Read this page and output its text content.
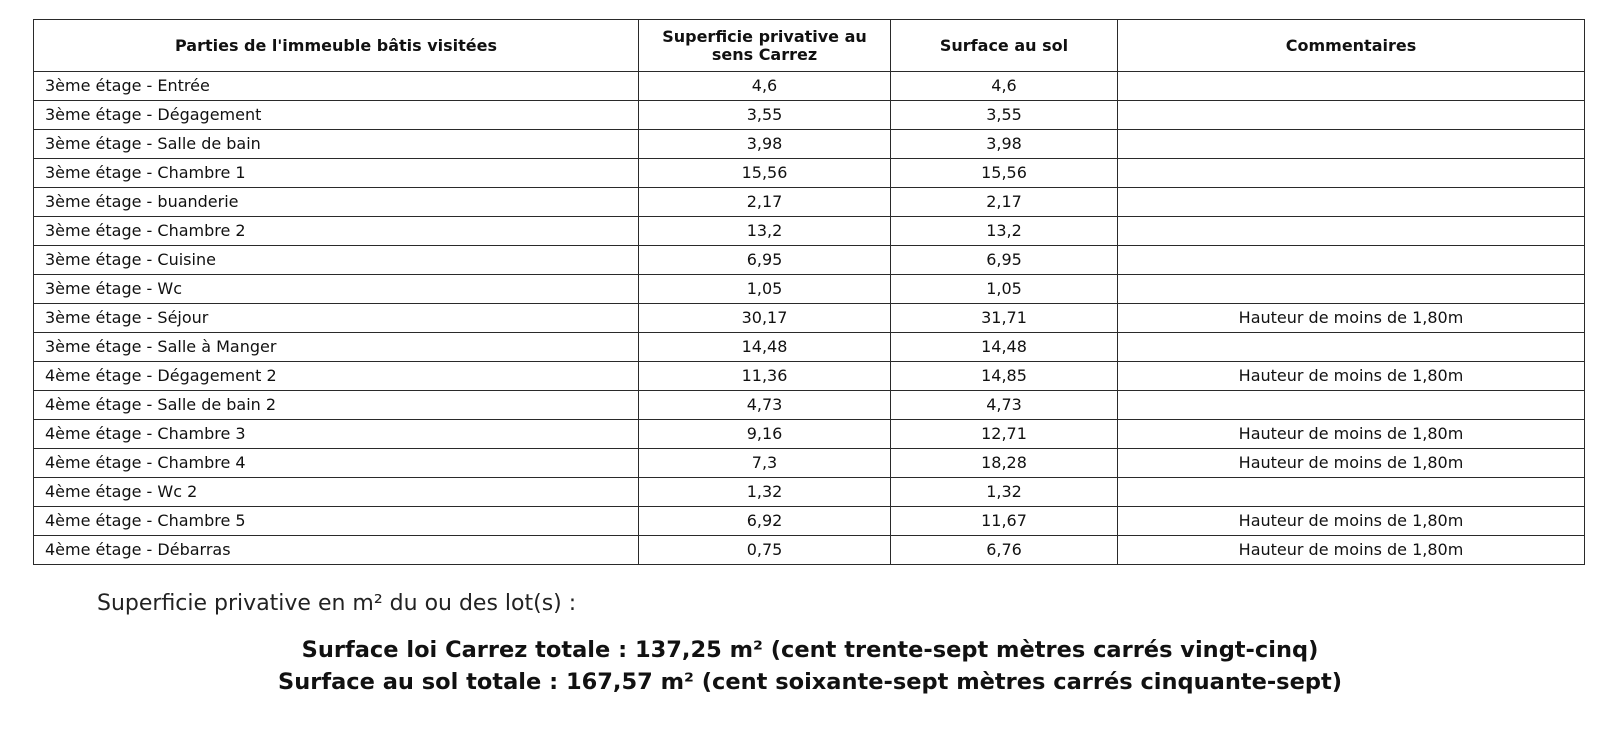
Parties de l'immeuble bâtis visitées	Superficie privative au sens Carrez	Surface au sol	Commentaires
3ème étage - Entrée	4,6	4,6	
3ème étage - Dégagement	3,55	3,55	
3ème étage - Salle de bain	3,98	3,98	
3ème étage - Chambre 1	15,56	15,56	
3ème étage - buanderie	2,17	2,17	
3ème étage - Chambre 2	13,2	13,2	
3ème étage - Cuisine	6,95	6,95	
3ème étage - Wc	1,05	1,05	
3ème étage - Séjour	30,17	31,71	Hauteur de moins de 1,80m
3ème étage - Salle à Manger	14,48	14,48	
4ème étage - Dégagement 2	11,36	14,85	Hauteur de moins de 1,80m
4ème étage - Salle de bain 2	4,73	4,73	
4ème étage - Chambre 3	9,16	12,71	Hauteur de moins de 1,80m
4ème étage - Chambre 4	7,3	18,28	Hauteur de moins de 1,80m
4ème étage - Wc 2	1,32	1,32	
4ème étage - Chambre 5	6,92	11,67	Hauteur de moins de 1,80m
4ème étage - Débarras	0,75	6,76	Hauteur de moins de 1,80m
Superficie privative en m² du ou des lot(s) :
Surface loi Carrez totale : 137,25 m² (cent trente-sept mètres carrés vingt-cinq)
Surface au sol totale : 167,57 m² (cent soixante-sept mètres carrés cinquante-sept)
